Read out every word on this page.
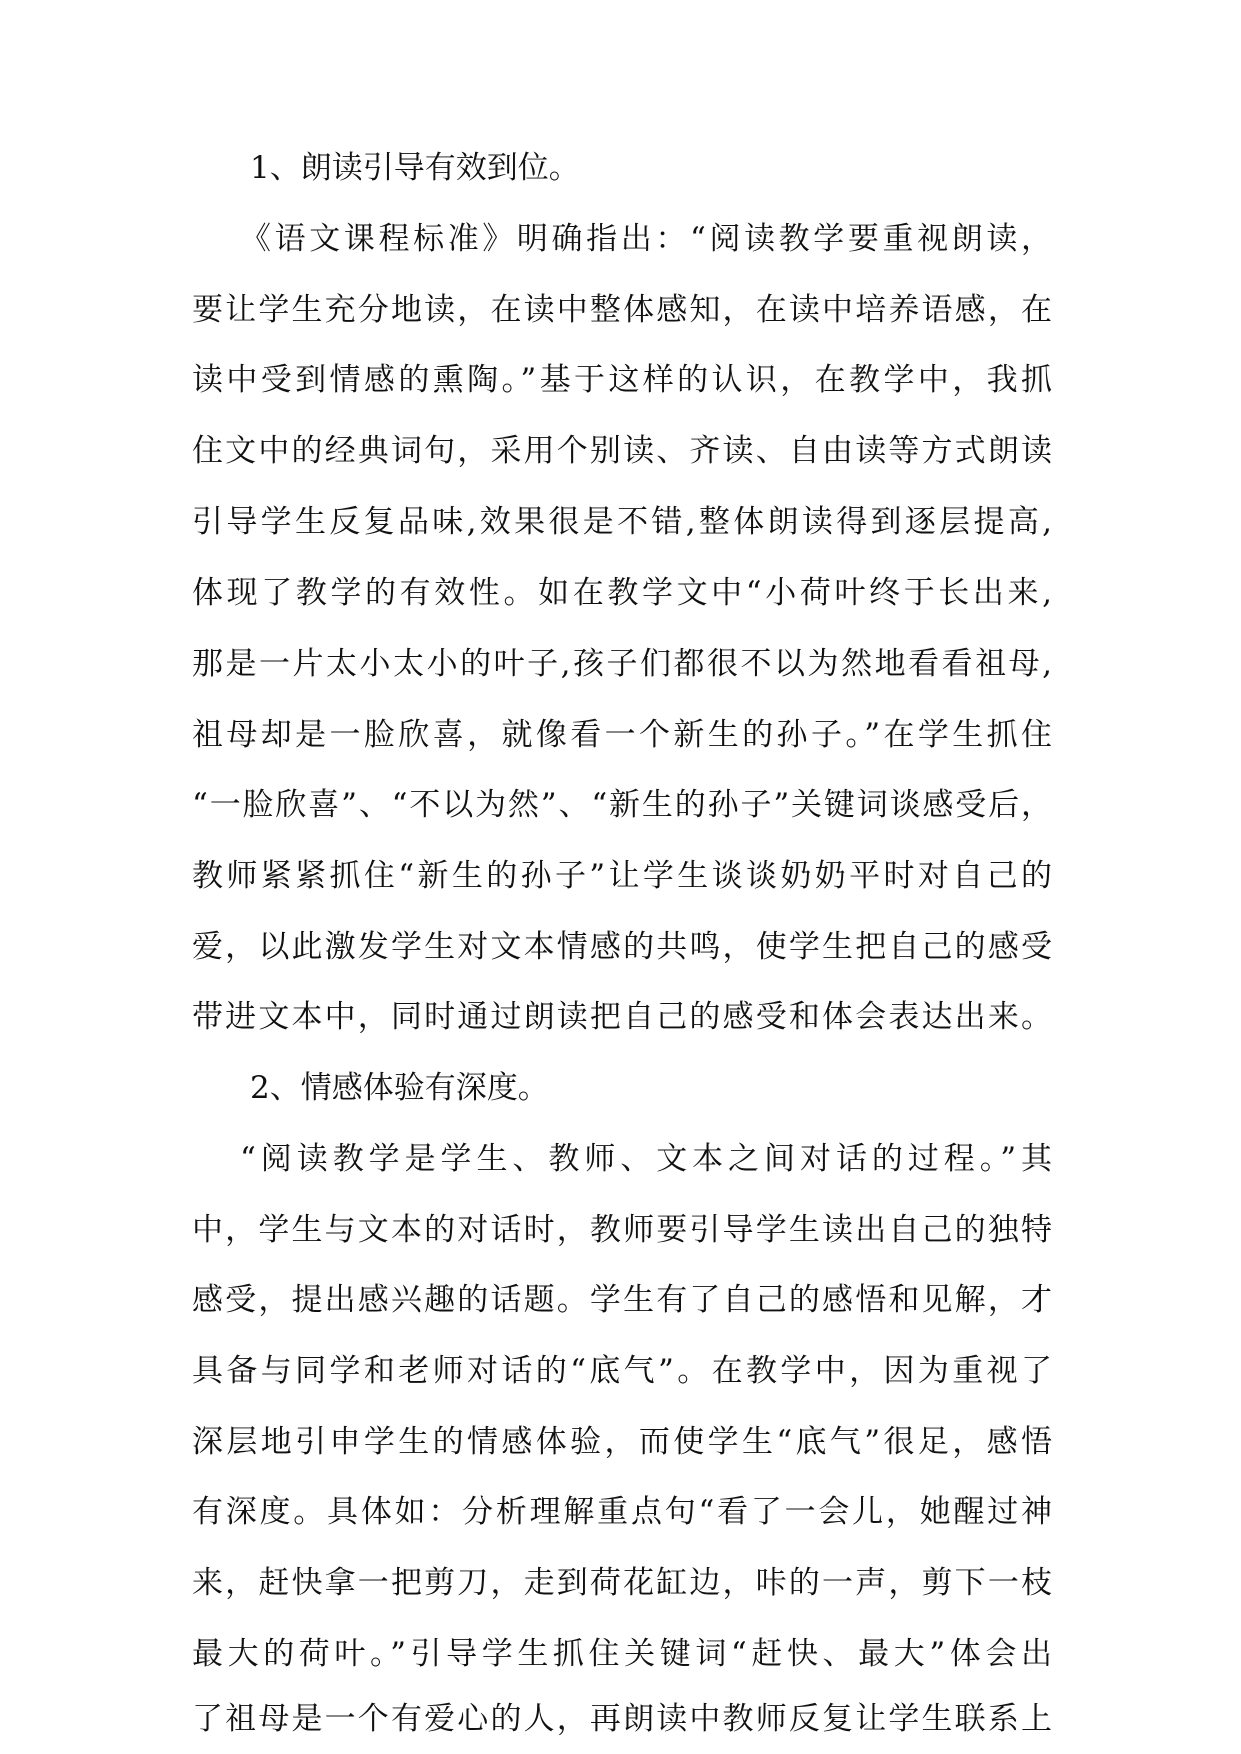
1、朗读引导有效到位。
《语文课程标准》明确指出：“阅读教学要重视朗读，
要让学生充分地读，在读中整体感知，在读中培养语感，在
读中受到情感的熏陶。”基于这样的认识，在教学中，我抓
住文中的经典词句，采用个别读、齐读、自由读等方式朗读
引导学生反复品味,效果很是不错,整体朗读得到逐层提高,
体现了教学的有效性。如在教学文中“小荷叶终于长出来,
那是一片太小太小的叶子,孩子们都很不以为然地看看祖母,
祖母却是一脸欣喜，就像看一个新生的孙子。”在学生抓住
“一脸欣喜”、“不以为然”、“新生的孙子”关键词谈感受后，
教师紧紧抓住“新生的孙子”让学生谈谈奶奶平时对自己的
爱，以此激发学生对文本情感的共鸣，使学生把自己的感受
带进文本中，同时通过朗读把自己的感受和体会表达出来。
2、情感体验有深度。
“阅读教学是学生、教师、文本之间对话的过程。”其
中，学生与文本的对话时，教师要引导学生读出自己的独特
感受，提出感兴趣的话题。学生有了自己的感悟和见解，才
具备与同学和老师对话的“底气”。在教学中，因为重视了
深层地引申学生的情感体验，而使学生“底气”很足，感悟
有深度。具体如：分析理解重点句“看了一会儿，她醒过神
来，赶快拿一把剪刀，走到荷花缸边，咔的一声，剪下一枝
最大的荷叶。”引导学生抓住关键词“赶快、最大”体会出
了祖母是一个有爱心的人，再朗读中教师反复让学生联系上
